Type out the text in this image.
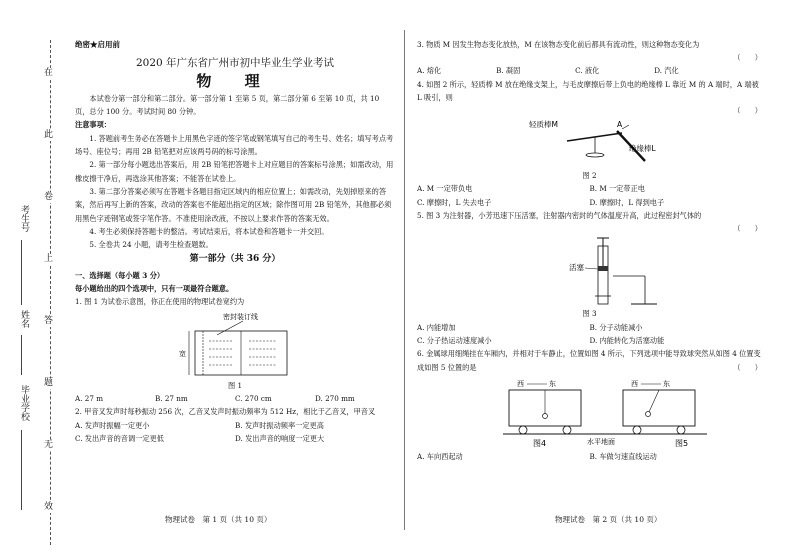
在
此
卷
上
答
题
无
效
考生号
姓名
毕业学校
绝密★启用前
2020 年广东省广州市初中毕业生学业考试
物 理
本试卷分第一部分和第二部分。第一部分第 1 至第 5 页，第二部分第 6 至第 10 页，共 10 页，总分 100 分。考试时间 80 分钟。
注意事项：
1. 答题前考生务必在答题卡上用黑色字迹的签字笔或钢笔填写自己的考生号、姓名；填写考点考场号、座位号；再用 2B 铅笔把对应该两号码的标号涂黑。
2. 第一部分每小题选出答案后，用 2B 铅笔把答题卡上对应题目的答案标号涂黑；如需改动，用橡皮擦干净后，再选涂其他答案；不能答在试卷上。
3. 第二部分答案必须写在答题卡各题目指定区域内的相应位置上；如需改动，先划掉原来的答案，然后再写上新的答案，改动的答案也不能超出指定的区域；除作图可用 2B 铅笔外，其他都必须用黑色字迹钢笔或签字笔作答。不准使用涂改液，不按以上要求作答的答案无效。
4. 考生必须保持答题卡的整洁。考试结束后，将本试卷和答题卡一并交回。
5. 全卷共 24 小题，请考生检查题数。
第一部分（共 36 分）
一、选择题（每小题 3 分）
每小题给出的四个选项中，只有一项最符合题意。
1. 图 1 为试卷示意图，你正在使用的物理试卷宽约为
密封装订线
宽
图 1
A. 27 m	B. 27 nm	C. 270 cm	D. 270 mm
2. 甲音叉发声时每秒振动 256 次，乙音叉发声时振动频率为 512 Hz，相比于乙音叉，甲音叉
A. 发声时振幅一定更小	B. 发声时振动频率一定更高
C. 发出声音的音调一定更低	D. 发出声音的响度一定更大
物理试卷　第 1 页（共 10 页）
3. 物质 M 因发生物态变化放热，M 在该物态变化前后都具有流动性，则这种物态变化为
（　　）
A. 熔化	B. 凝固	C. 液化	D. 汽化
4. 如图 2 所示，轻质棒 M 放在绝缘支架上，与毛皮摩擦后带上负电的绝缘棒 L 靠近 M 的 A 端时，A 端被 L 吸引，则
（　　）
轻质棒M	A
绝缘棒L
图 2
A. M 一定带负电	B. M 一定带正电
C. 摩擦时，L 失去电子	D. 摩擦时，L 得到电子
5. 图 3 为注射器，小芳迅速下压活塞，注射器内密封的气体温度升高，此过程密封气体的
（　　）
活塞
图 3
A. 内能增加	B. 分子动能减小
C. 分子热运动速度减小	D. 内能转化为活塞动能
6. 金属球用细绳挂在车厢内，并相对于车静止，位置如图 4 所示，下列选项中能导致球突然从如图 4 位置变成如图 5 位置的是	（　　）
西	东
图4
西	东
图5
水平地面
A. 车向西起动	B. 车做匀速直线运动
物理试卷　第 2 页（共 10 页）
